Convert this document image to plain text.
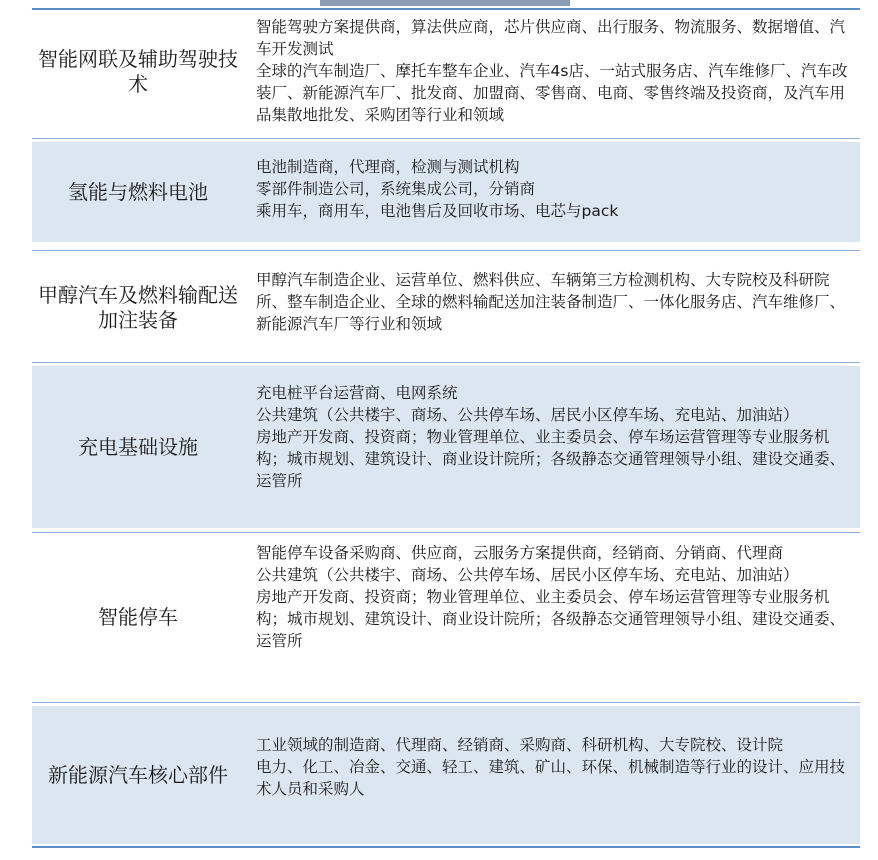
智能网联及辅助驾驶技术
智能驾驶方案提供商，算法供应商，芯片供应商、出行服务、物流服务、数据增值、汽车开发测试
全球的汽车制造厂、摩托车整车企业、汽车4s店、一站式服务店、汽车维修厂、汽车改装厂、新能源汽车厂、批发商、加盟商、零售商、电商、零售终端及投资商，及汽车用品集散地批发、采购团等行业和领域
氢能与燃料电池
电池制造商，代理商，检测与测试机构
零部件制造公司，系统集成公司，分销商
乘用车，商用车，电池售后及回收市场、电芯与pack
甲醇汽车及燃料输配送加注装备
甲醇汽车制造企业、运营单位、燃料供应、车辆第三方检测机构、大专院校及科研院所、整车制造企业、全球的燃料输配送加注装备制造厂、一体化服务店、汽车维修厂、新能源汽车厂等行业和领域
充电基础设施
充电桩平台运营商、电网系统
公共建筑（公共楼宇、商场、公共停车场、居民小区停车场、充电站、加油站）
房地产开发商、投资商；物业管理单位、业主委员会、停车场运营管理等专业服务机构；城市规划、建筑设计、商业设计院所；各级静态交通管理领导小组、建设交通委、运管所
智能停车
智能停车设备采购商、供应商，云服务方案提供商，经销商、分销商、代理商
公共建筑（公共楼宇、商场、公共停车场、居民小区停车场、充电站、加油站）
房地产开发商、投资商；物业管理单位、业主委员会、停车场运营管理等专业服务机构；城市规划、建筑设计、商业设计院所；各级静态交通管理领导小组、建设交通委、运管所
新能源汽车核心部件
工业领域的制造商、代理商、经销商、采购商、科研机构、大专院校、设计院
电力、化工、冶金、交通、轻工、建筑、矿山、环保、机械制造等行业的设计、应用技术人员和采购人
